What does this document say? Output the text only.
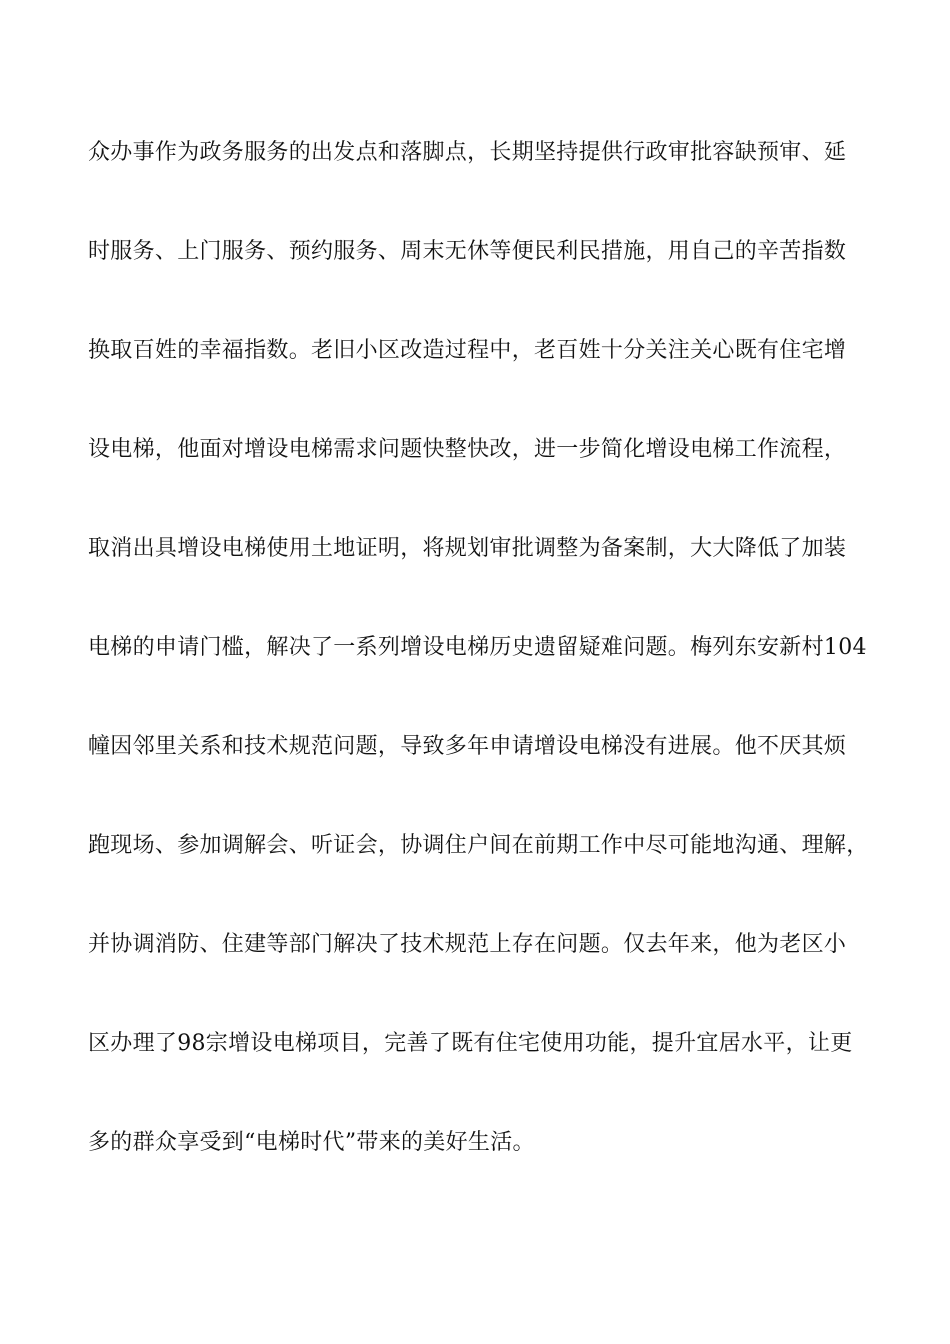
众办事作为政务服务的出发点和落脚点，长期坚持提供行政审批容缺预审、延
时服务、上门服务、预约服务、周末无休等便民利民措施，用自己的辛苦指数
换取百姓的幸福指数。老旧小区改造过程中，老百姓十分关注关心既有住宅增
设电梯，他面对增设电梯需求问题快整快改，进一步简化增设电梯工作流程，
取消出具增设电梯使用土地证明，将规划审批调整为备案制，大大降低了加装
电梯的申请门槛，解决了一系列增设电梯历史遗留疑难问题。梅列东安新村104
幢因邻里关系和技术规范问题，导致多年申请增设电梯没有进展。他不厌其烦
跑现场、参加调解会、听证会，协调住户间在前期工作中尽可能地沟通、理解，
并协调消防、住建等部门解决了技术规范上存在问题。仅去年来，他为老区小
区办理了98宗增设电梯项目，完善了既有住宅使用功能，提升宜居水平，让更
多的群众享受到“电梯时代”带来的美好生活。
